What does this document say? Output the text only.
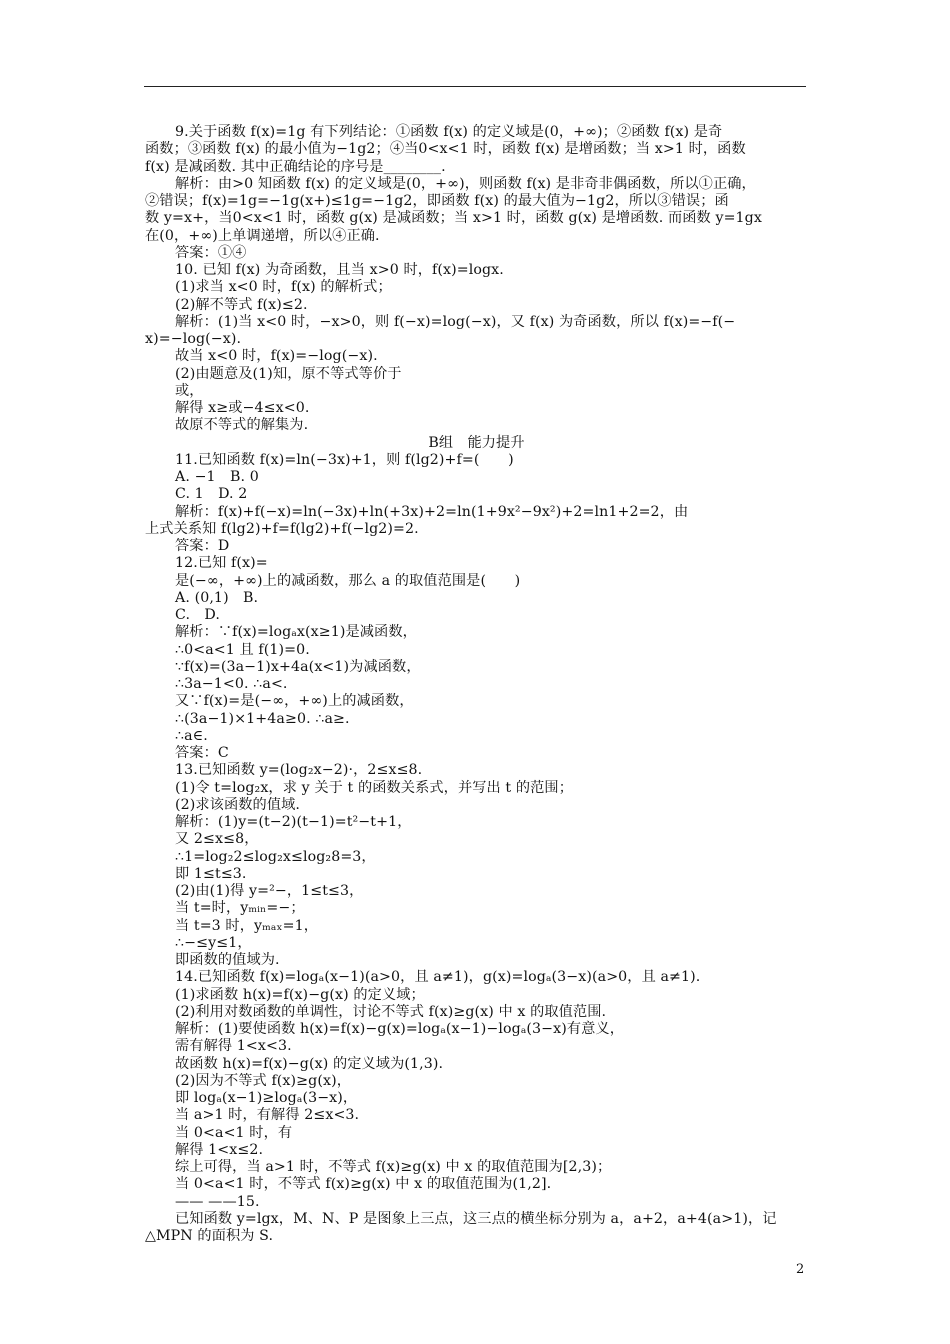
9.关于函数 f(x)=1g 有下列结论：①函数 f(x) 的定义域是(0，+∞)；②函数 f(x) 是奇
函数；③函数 f(x) 的最小值为−1g2；④当0<x<1 时，函数 f(x) 是增函数；当 x>1 时，函数
f(x) 是减函数. 其中正确结论的序号是________.
解析：由>0 知函数 f(x) 的定义域是(0，+∞)，则函数 f(x) 是非奇非偶函数，所以①正确，
②错误；f(x)=1g=−1g(x+)≤1g=−1g2，即函数 f(x) 的最大值为−1g2，所以③错误；函
数 y=x+，当0<x<1 时，函数 g(x) 是减函数；当 x>1 时，函数 g(x) 是增函数. 而函数 y=1gx
在(0，+∞)上单调递增，所以④正确.
答案：①④
10. 已知 f(x) 为奇函数，且当 x>0 时，f(x)=logx.
(1)求当 x<0 时，f(x) 的解析式；
(2)解不等式 f(x)≤2.
解析：(1)当 x<0 时，−x>0，则 f(−x)=log(−x)，又 f(x) 为奇函数，所以 f(x)=−f(−
x)=−log(−x).
故当 x<0 时，f(x)=−log(−x).
(2)由题意及(1)知，原不等式等价于
或，
解得 x≥或−4≤x<0.
故原不等式的解集为.
B组　能力提升
11.已知函数 f(x)=ln(−3x)+1，则 f(lg2)+f=(　　)
A. −1　B. 0
C. 1　D. 2
解析：f(x)+f(−x)=ln(−3x)+ln(+3x)+2=ln(1+9x²−9x²)+2=ln1+2=2，由
上式关系知 f(lg2)+f=f(lg2)+f(−lg2)=2.
答案：D
12.已知 f(x)=
是(−∞，+∞)上的减函数，那么 a 的取值范围是(　　)
A. (0,1)　B.
C.　D.
解析：∵f(x)=logₐx(x≥1)是减函数，
∴0<a<1 且 f(1)=0.
∵f(x)=(3a−1)x+4a(x<1)为减函数，
∴3a−1<0. ∴a<.
又∵f(x)=是(−∞，+∞)上的减函数，
∴(3a−1)×1+4a≥0. ∴a≥.
∴a∈.
答案：C
13.已知函数 y=(log₂x−2)·，2≤x≤8.
(1)令 t=log₂x，求 y 关于 t 的函数关系式，并写出 t 的范围；
(2)求该函数的值域.
解析：(1)y=(t−2)(t−1)=t²−t+1，
又 2≤x≤8，
∴1=log₂2≤log₂x≤log₂8=3，
即 1≤t≤3.
(2)由(1)得 y=²−，1≤t≤3，
当 t=时，yₘᵢₙ=−；
当 t=3 时，yₘₐₓ=1，
∴−≤y≤1，
即函数的值域为.
14.已知函数 f(x)=logₐ(x−1)(a>0，且 a≠1)，g(x)=logₐ(3−x)(a>0，且 a≠1).
(1)求函数 h(x)=f(x)−g(x) 的定义域；
(2)利用对数函数的单调性，讨论不等式 f(x)≥g(x) 中 x 的取值范围.
解析：(1)要使函数 h(x)=f(x)−g(x)=logₐ(x−1)−logₐ(3−x)有意义，
需有解得 1<x<3.
故函数 h(x)=f(x)−g(x) 的定义域为(1,3).
(2)因为不等式 f(x)≥g(x)，
即 logₐ(x−1)≥logₐ(3−x)，
当 a>1 时，有解得 2≤x<3.
当 0<a<1 时，有
解得 1<x≤2.
综上可得，当 a>1 时，不等式 f(x)≥g(x) 中 x 的取值范围为[2,3)；
当 0<a<1 时，不等式 f(x)≥g(x) 中 x 的取值范围为(1,2].
—— ——15.
已知函数 y=lgx，M、N、P 是图象上三点，这三点的横坐标分别为 a，a+2，a+4(a>1)，记
△MPN 的面积为 S.
2
